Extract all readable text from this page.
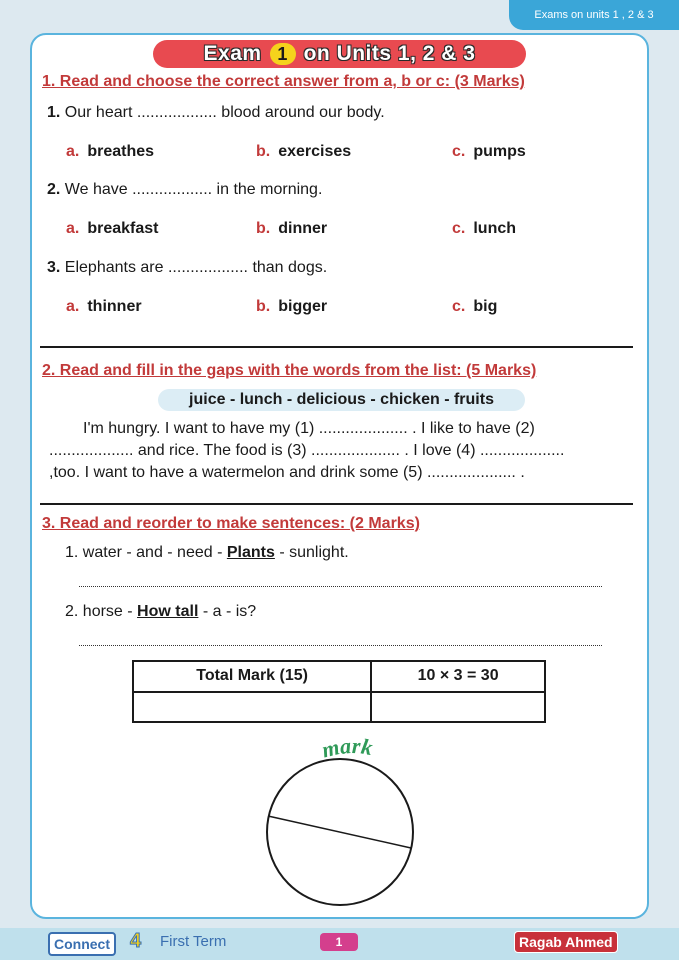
Exams on units 1 , 2 & 3
Exam 1 on Units 1, 2 & 3
1. Read and choose the correct answer from a, b or c: (3 Marks)
1. Our heart .................. blood around our body.
a. breathes	b. exercises	c. pumps
2. We have .................. in the morning.
a. breakfast	b. dinner	c. lunch
3. Elephants are .................. than dogs.
a. thinner	b. bigger	c. big
2. Read and fill in the gaps with the words from the list: (5 Marks)
juice - lunch - delicious - chicken - fruits
I'm hungry. I want to have my (1) .................... . I like to have (2)
................... and rice. The food is (3) .................... . I love (4) ...................
,too. I want to have a watermelon and drink some (5) .................... .
3. Read and reorder to make sentences: (2 Marks)
1. water - and - need - Plants - sunlight.
2. horse - How tall - a - is?
Total Mark (15)	10 × 3 = 30

mark
Connect	4 First Term	1	Ragab Ahmed
